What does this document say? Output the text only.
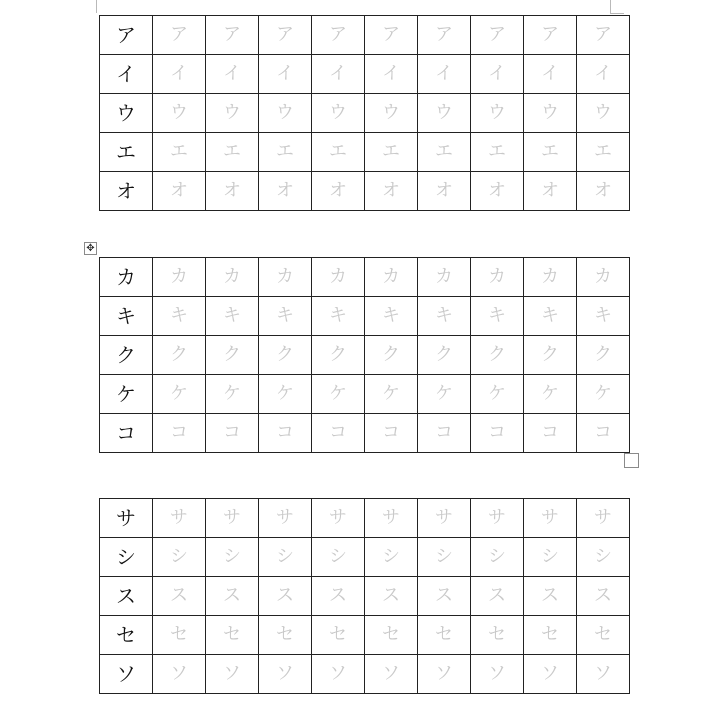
ア	ア	ア	ア	ア	ア	ア	ア	ア	ア
イ	イ	イ	イ	イ	イ	イ	イ	イ	イ
ウ	ウ	ウ	ウ	ウ	ウ	ウ	ウ	ウ	ウ
エ	エ	エ	エ	エ	エ	エ	エ	エ	エ
オ	オ	オ	オ	オ	オ	オ	オ	オ	オ
✥
カ	カ	カ	カ	カ	カ	カ	カ	カ	カ
キ	キ	キ	キ	キ	キ	キ	キ	キ	キ
ク	ク	ク	ク	ク	ク	ク	ク	ク	ク
ケ	ケ	ケ	ケ	ケ	ケ	ケ	ケ	ケ	ケ
コ	コ	コ	コ	コ	コ	コ	コ	コ	コ
サ	サ	サ	サ	サ	サ	サ	サ	サ	サ
シ	シ	シ	シ	シ	シ	シ	シ	シ	シ
ス	ス	ス	ス	ス	ス	ス	ス	ス	ス
セ	セ	セ	セ	セ	セ	セ	セ	セ	セ
ソ	ソ	ソ	ソ	ソ	ソ	ソ	ソ	ソ	ソ
